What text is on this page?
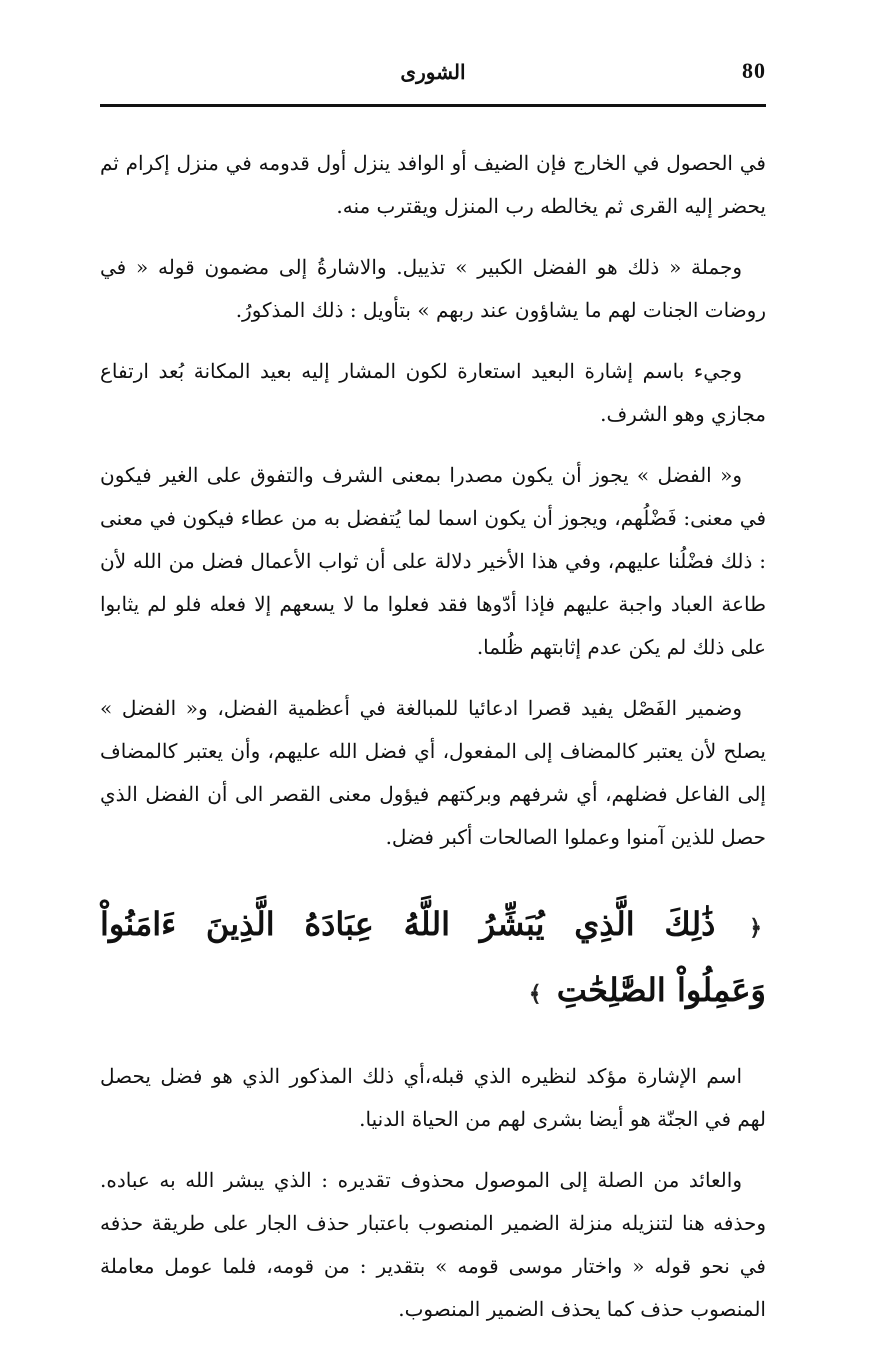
80
الشورى

في الحصول في الخارج فإن الضيف أو الوافد ينزل أول قدومه في منزل إكرام ثم يحضر إليه القرى ثم يخالطه رب المنزل ويقترب منه.

وجملة « ذلك هو الفضل الكبير » تذييل. والاشارةُ إلى مضمون قوله « في روضات الجنات لهم ما يشاؤون عند ربهم » بتأويل : ذلك المذكورُ.

وجيء باسم إشارة البعيد استعارة لكون المشار إليه بعيد المكانة بُعد ارتفاع مجازي وهو الشرف.

و« الفضل » يجوز أن يكون مصدرا بمعنى الشرف والتفوق على الغير فيكون في معنى: فَضْلُهم، ويجوز أن يكون اسما لما يُتفضل به من عطاء فيكون في معنى : ذلك فضْلُنا عليهم، وفي هذا الأخير دلالة على أن ثواب الأعمال فضل من الله لأن طاعة العباد واجبة عليهم فإذا أدّوها فقد فعلوا ما لا يسعهم إلا فعله فلو لم يثابوا على ذلك لم يكن عدم إثابتهم ظُلما.

وضمير الفَصْل يفيد قصرا ادعائيا للمبالغة في أعظمية الفضل، و« الفضل » يصلح لأن يعتبر كالمضاف إلى المفعول، أي فضل الله عليهم، وأن يعتبر كالمضاف إلى الفاعل فضلهم، أي شرفهم وبركتهم فيؤول معنى القصر الى أن الفضل الذي حصل للذين آمنوا وعملوا الصالحات أكبر فضل.

﴿ ذَٰلِكَ الَّذِي يُبَشِّرُ اللَّهُ عِبَادَهُ الَّذِينَ ءَامَنُواْ
وَعَمِلُواْ الصَّٰلِحَٰتِ ﴾

اسم الإشارة مؤكد لنظيره الذي قبله،أي ذلك المذكور الذي هو فضل يحصل لهم في الجنّة هو أيضا بشرى لهم من الحياة الدنيا.

والعائد من الصلة إلى الموصول محذوف تقديره : الذي يبشر الله به عباده. وحذفه هنا لتنزيله منزلة الضمير المنصوب باعتبار حذف الجار على طريقة حذفه في نحو قوله « واختار موسى قومه » بتقدير : من قومه، فلما عومل معاملة المنصوب حذف كما يحذف الضمير المنصوب.
